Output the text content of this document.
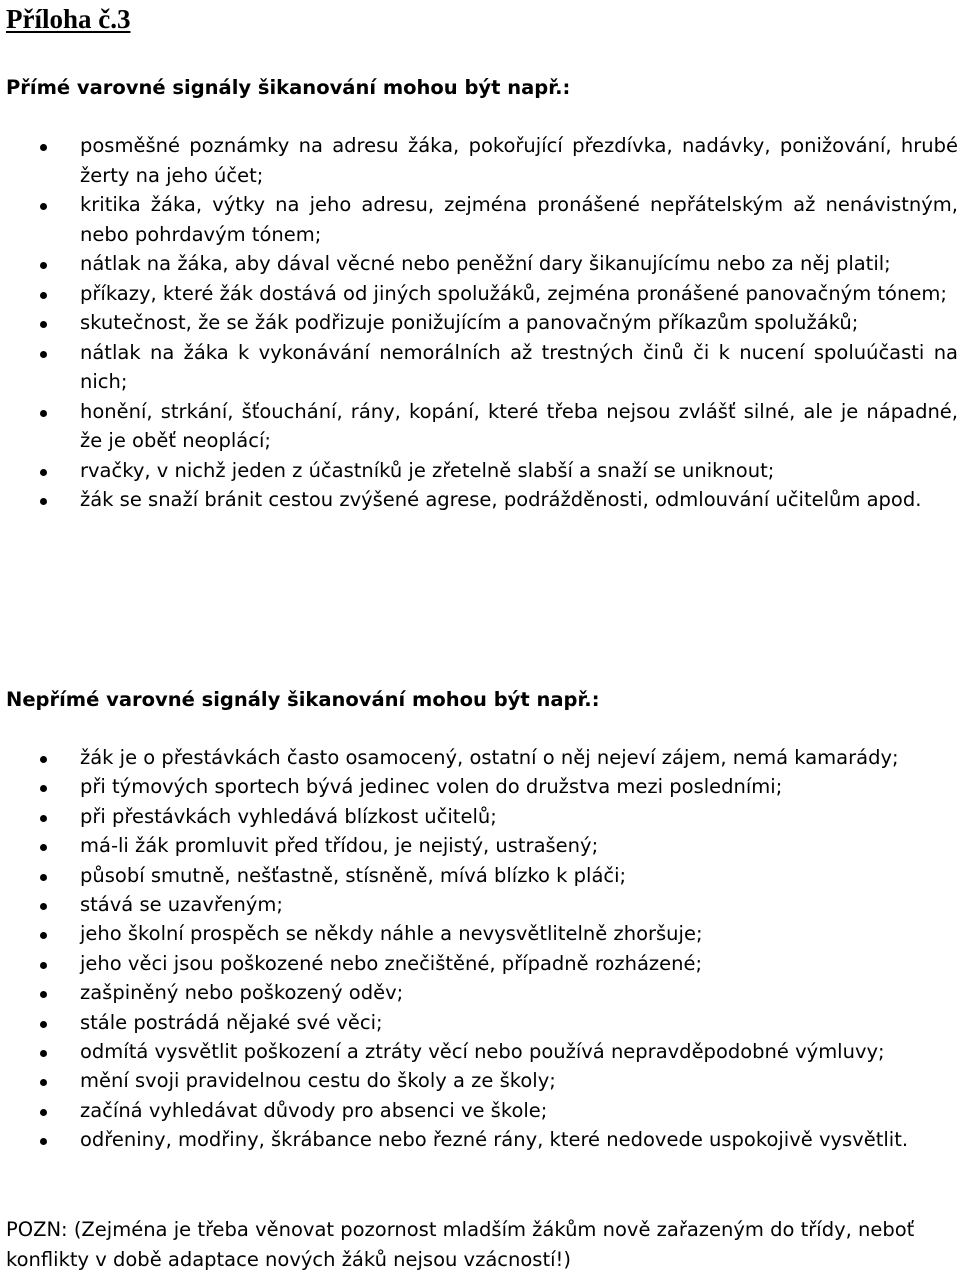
Příloha č.3
Přímé varovné signály šikanování mohou být např.:
posměšné poznámky na adresu žáka, pokořující přezdívka, nadávky, ponižování, hrubé žerty na jeho účet;
kritika žáka, výtky na jeho adresu, zejména pronášené nepřátelským až nenávistným, nebo pohrdavým tónem;
nátlak na žáka, aby dával věcné nebo peněžní dary šikanujícímu nebo za něj platil;
příkazy, které žák dostává od jiných spolužáků, zejména pronášené panovačným tónem;
skutečnost, že se žák podřizuje ponižujícím a panovačným příkazům spolužáků;
nátlak na žáka k vykonávání nemorálních až trestných činů či k nucení spoluúčasti na nich;
honění, strkání, šťouchání, rány, kopání, které třeba nejsou zvlášť silné, ale je nápadné, že je oběť neoplácí;
rvačky, v nichž jeden z účastníků je zřetelně slabší a snaží se uniknout;
žák se snaží bránit cestou zvýšené agrese, podrážděnosti, odmlouvání učitelům apod.
Nepřímé varovné signály šikanování mohou být např.:
žák je o přestávkách často osamocený, ostatní o něj nejeví zájem, nemá kamarády;
při týmových sportech bývá jedinec volen do družstva mezi posledními;
při přestávkách vyhledává blízkost učitelů;
má-li žák promluvit před třídou, je nejistý, ustrašený;
působí smutně, nešťastně, stísněně, mívá blízko k pláči;
stává se uzavřeným;
jeho školní prospěch se někdy náhle a nevysvětlitelně zhoršuje;
jeho věci jsou poškozené nebo znečištěné, případně rozházené;
zašpiněný nebo poškozený oděv;
stále postrádá nějaké své věci;
odmítá vysvětlit poškození a ztráty věcí nebo používá nepravděpodobné výmluvy;
mění svoji pravidelnou cestu do školy a ze školy;
začíná vyhledávat důvody pro absenci ve škole;
odřeniny, modřiny, škrábance nebo řezné rány, které nedovede uspokojivě vysvětlit.

POZN: (Zejména je třeba věnovat pozornost mladším žákům nově zařazeným do třídy, neboť konflikty v době adaptace nových žáků nejsou vzácností!)
